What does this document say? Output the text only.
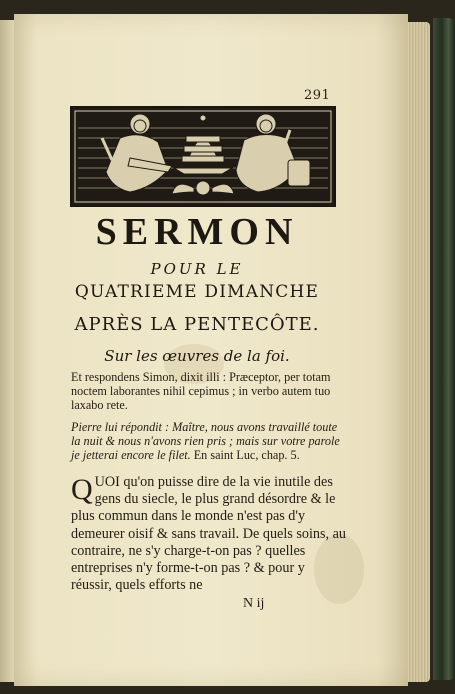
291
SERMON
POUR LE
QUATRIEME DIMANCHE
APRÈS LA PENTECÔTE.
Sur les œuvres de la foi.
Et respondens Simon, dixit illi : Præceptor, per totam noctem laborantes nihil cepimus ; in verbo autem tuo laxabo rete.
Pierre lui répondit : Maître, nous avons travaillé toute la nuit & nous n'avons rien pris ; mais sur votre parole je jetterai encore le filet. En saint Luc, chap. 5.
QUOI qu'on puisse dire de la vie inutile des gens du siecle, le plus grand désordre & le plus commun dans le monde n'est pas d'y demeurer oisif & sans travail. De quels soins, au contraire, ne s'y charge-t-on pas ? quelles entreprises n'y forme-t-on pas ? & pour y réussir, quels efforts ne
N ij
